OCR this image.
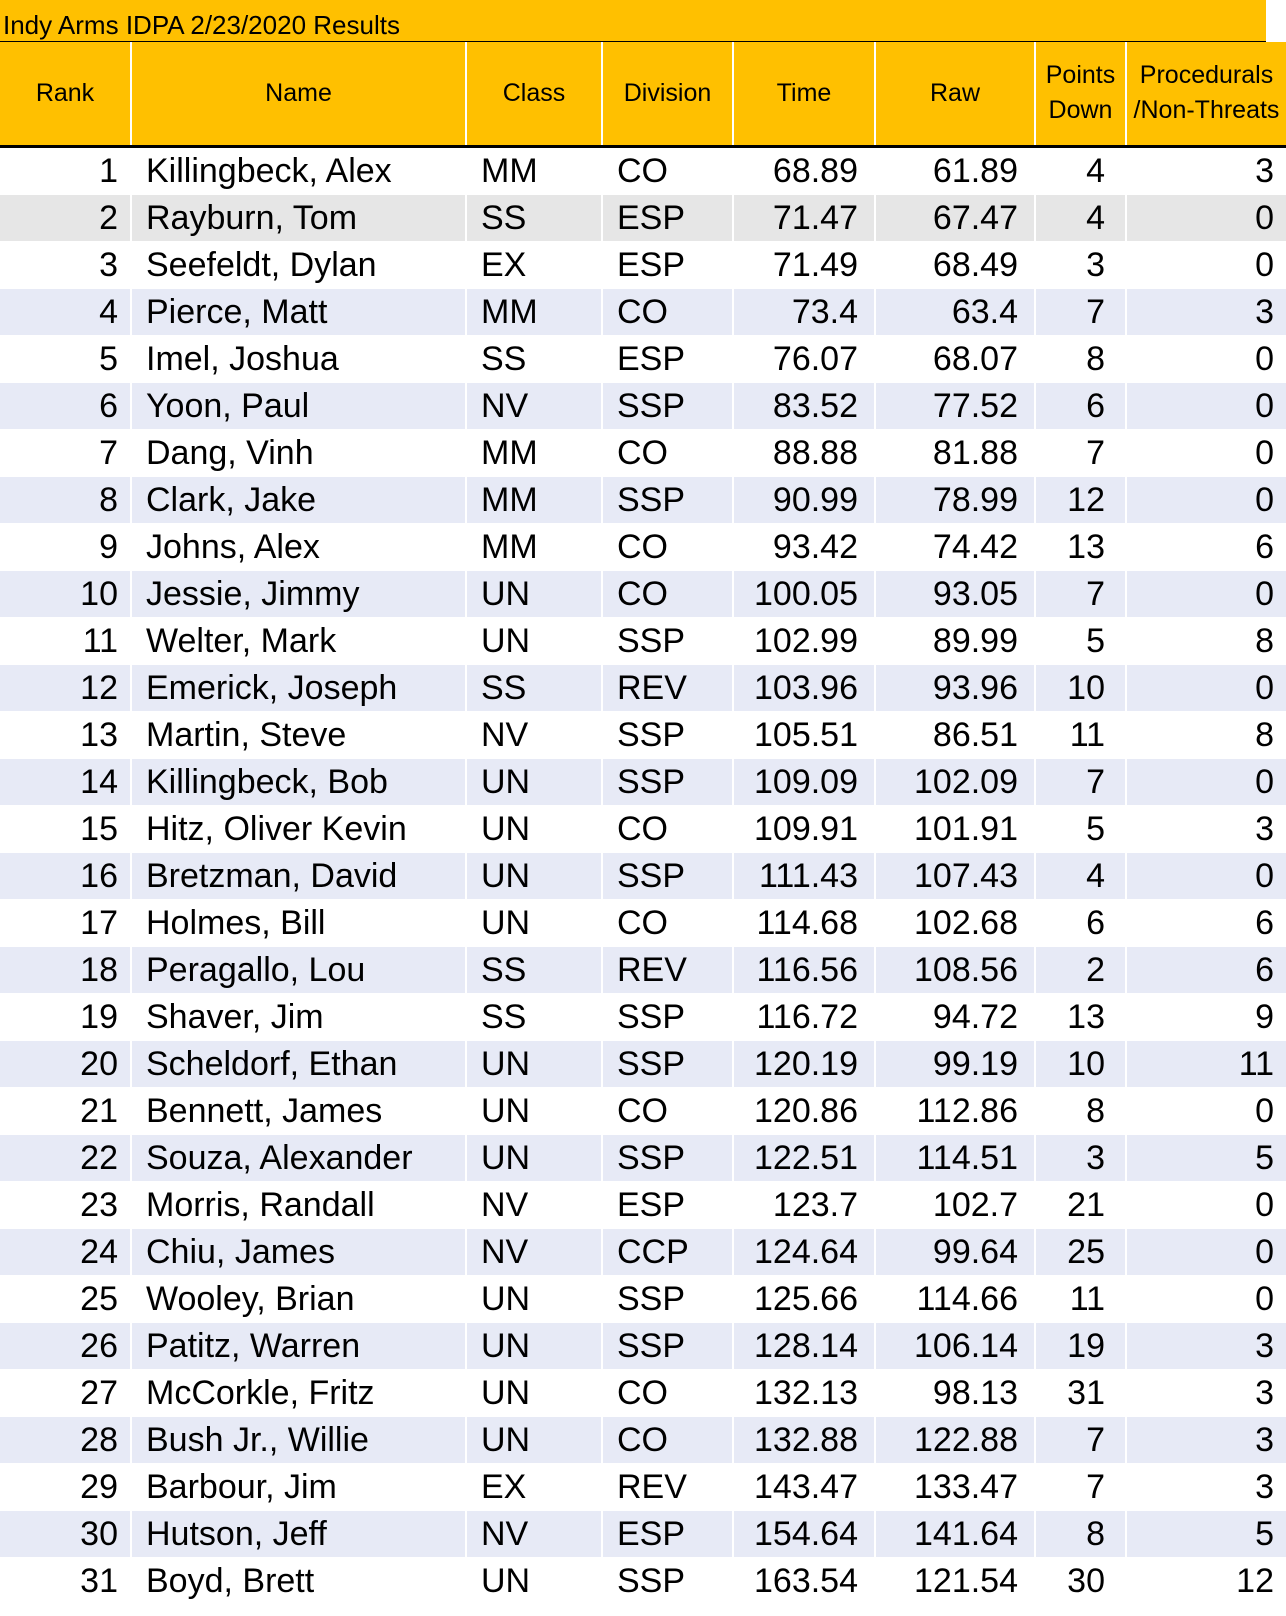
Indy Arms IDPA 2/23/2020 Results
Rank	Name	Class	Division	Time	Raw	Points Down	Procedurals /Non-Threats
1	Killingbeck, Alex	MM	CO	68.89	61.89	4	3
2	Rayburn, Tom	SS	ESP	71.47	67.47	4	0
3	Seefeldt, Dylan	EX	ESP	71.49	68.49	3	0
4	Pierce, Matt	MM	CO	73.4	63.4	7	3
5	Imel, Joshua	SS	ESP	76.07	68.07	8	0
6	Yoon, Paul	NV	SSP	83.52	77.52	6	0
7	Dang, Vinh	MM	CO	88.88	81.88	7	0
8	Clark, Jake	MM	SSP	90.99	78.99	12	0
9	Johns, Alex	MM	CO	93.42	74.42	13	6
10	Jessie, Jimmy	UN	CO	100.05	93.05	7	0
11	Welter, Mark	UN	SSP	102.99	89.99	5	8
12	Emerick, Joseph	SS	REV	103.96	93.96	10	0
13	Martin, Steve	NV	SSP	105.51	86.51	11	8
14	Killingbeck, Bob	UN	SSP	109.09	102.09	7	0
15	Hitz, Oliver Kevin	UN	CO	109.91	101.91	5	3
16	Bretzman, David	UN	SSP	111.43	107.43	4	0
17	Holmes, Bill	UN	CO	114.68	102.68	6	6
18	Peragallo, Lou	SS	REV	116.56	108.56	2	6
19	Shaver, Jim	SS	SSP	116.72	94.72	13	9
20	Scheldorf, Ethan	UN	SSP	120.19	99.19	10	11
21	Bennett, James	UN	CO	120.86	112.86	8	0
22	Souza, Alexander	UN	SSP	122.51	114.51	3	5
23	Morris, Randall	NV	ESP	123.7	102.7	21	0
24	Chiu, James	NV	CCP	124.64	99.64	25	0
25	Wooley, Brian	UN	SSP	125.66	114.66	11	0
26	Patitz, Warren	UN	SSP	128.14	106.14	19	3
27	McCorkle, Fritz	UN	CO	132.13	98.13	31	3
28	Bush Jr., Willie	UN	CO	132.88	122.88	7	3
29	Barbour, Jim	EX	REV	143.47	133.47	7	3
30	Hutson, Jeff	NV	ESP	154.64	141.64	8	5
31	Boyd, Brett	UN	SSP	163.54	121.54	30	12
